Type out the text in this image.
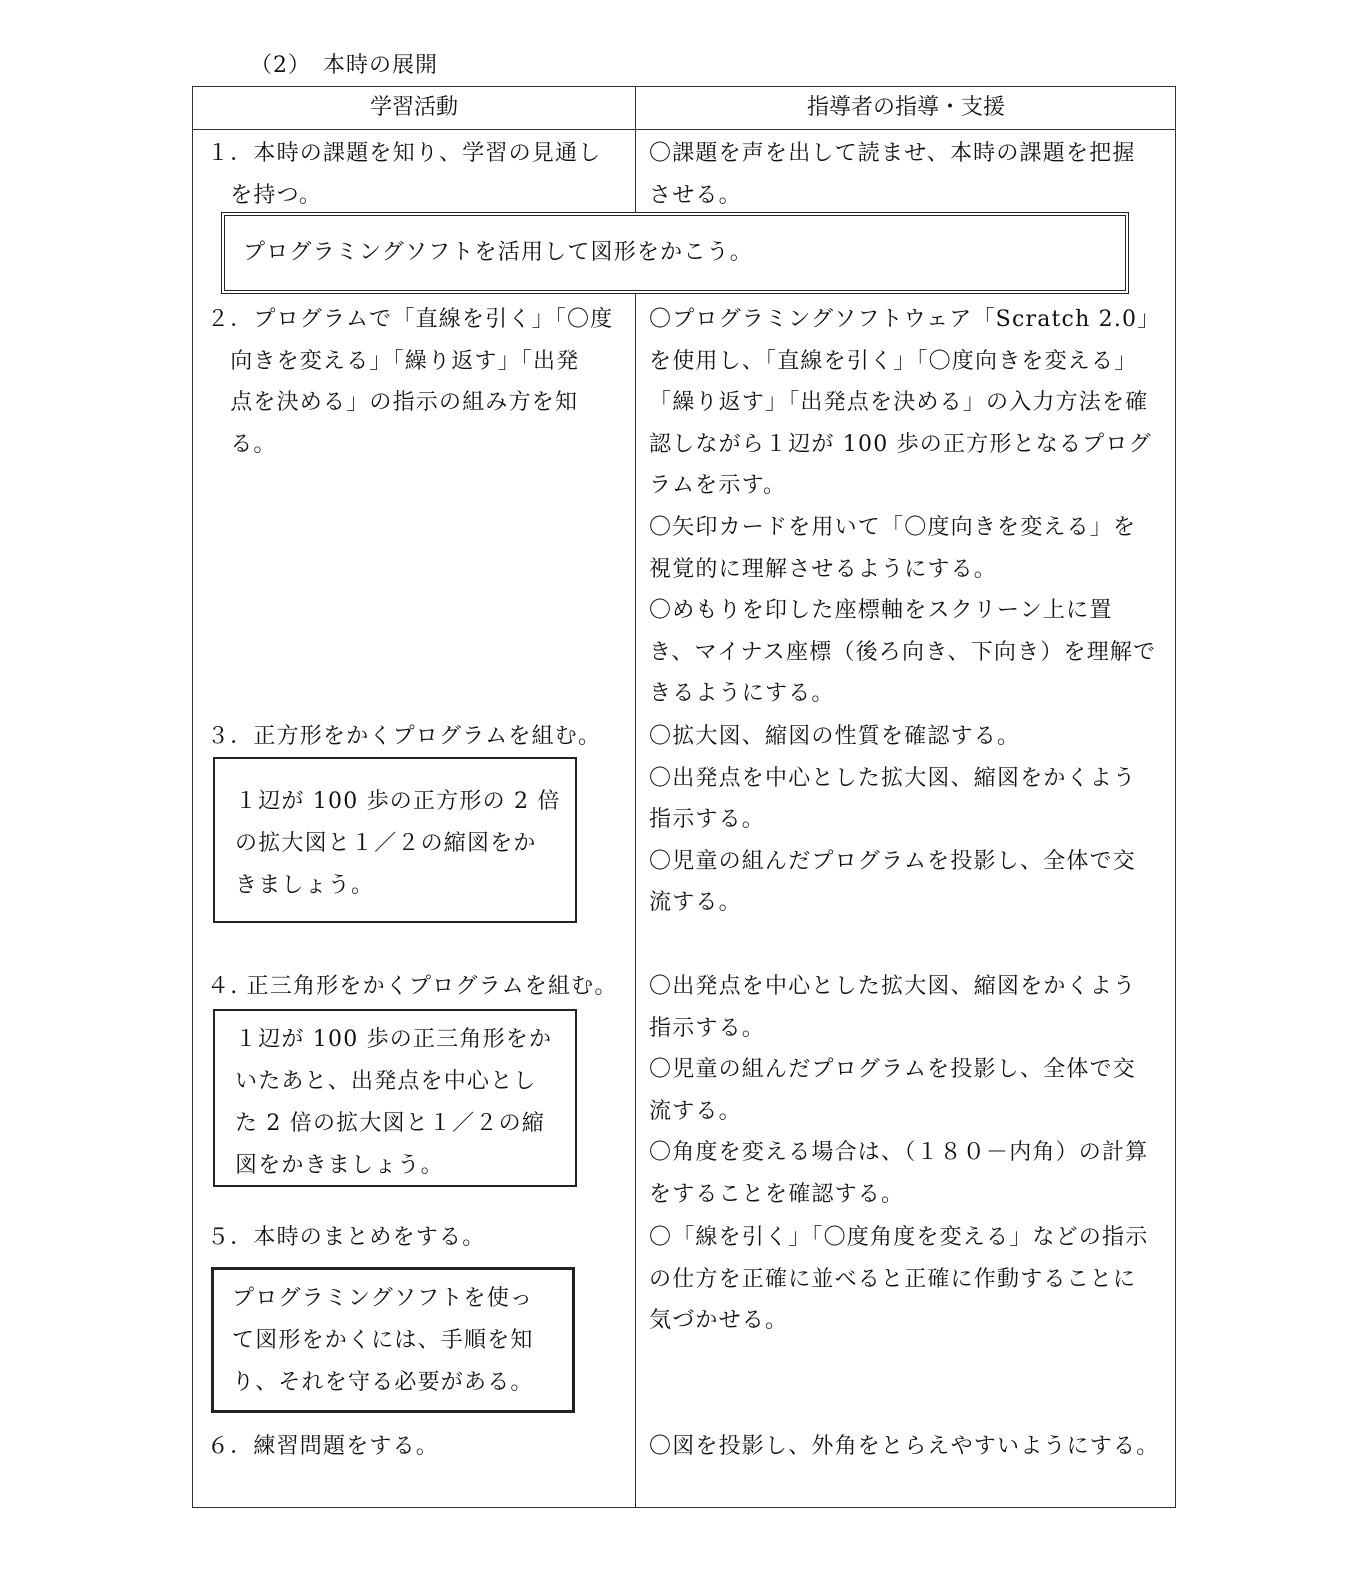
（2）　本時の展開
学習活動	指導者の指導・支援
１．本時の課題を知り、学習の見通し
　を持つ。
〇課題を声を出して読ませ、本時の課題を把握
させる。
プログラミングソフトを活用して図形をかこう。
２．プログラムで「直線を引く」「〇度
　向きを変える」「繰り返す」「出発
　点を決める」の指示の組み方を知
　る。
〇プログラミングソフトウェア「Scratch 2.0」
を使用し、「直線を引く」「〇度向きを変える」
「繰り返す」「出発点を決める」の入力方法を確
認しながら１辺が 100 歩の正方形となるプログ
ラムを示す。
〇矢印カードを用いて「〇度向きを変える」を
視覚的に理解させるようにする。
〇めもりを印した座標軸をスクリーン上に置
き、マイナス座標（後ろ向き、下向き）を理解で
きるようにする。
３．正方形をかくプログラムを組む。
１辺が 100 歩の正方形の 2 倍
の拡大図と１／２の縮図をか
きましょう。
〇拡大図、縮図の性質を確認する。
〇出発点を中心とした拡大図、縮図をかくよう
指示する。
〇児童の組んだプログラムを投影し、全体で交
流する。
４. 正三角形をかくプログラムを組む。
１辺が 100 歩の正三角形をか
いたあと、出発点を中心とし
た 2 倍の拡大図と１／２の縮
図をかきましょう。
〇出発点を中心とした拡大図、縮図をかくよう
指示する。
〇児童の組んだプログラムを投影し、全体で交
流する。
〇角度を変える場合は、（１８０－内角）の計算
をすることを確認する。
５．本時のまとめをする。
プログラミングソフトを使っ
て図形をかくには、手順を知
り、それを守る必要がある。
〇「線を引く」「〇度角度を変える」などの指示
の仕方を正確に並べると正確に作動することに
気づかせる。
６．練習問題をする。	〇図を投影し、外角をとらえやすいようにする。
